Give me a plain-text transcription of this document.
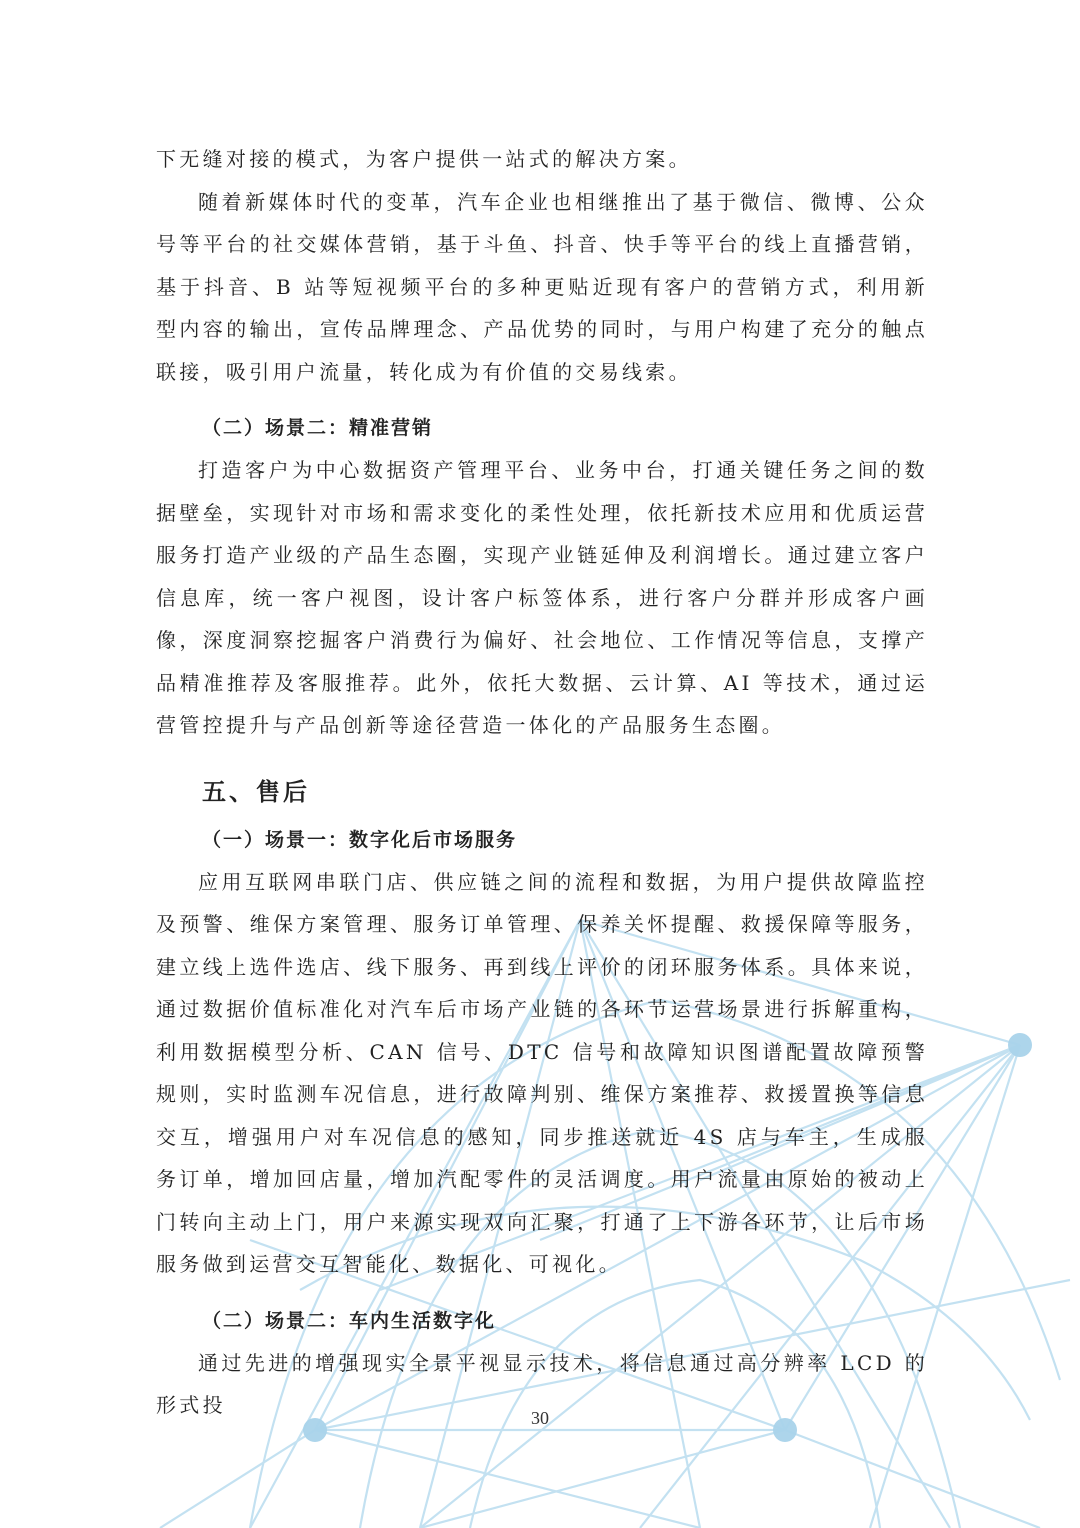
下无缝对接的模式，为客户提供一站式的解决方案。

随着新媒体时代的变革，汽车企业也相继推出了基于微信、微博、公众号等平台的社交媒体营销，基于斗鱼、抖音、快手等平台的线上直播营销，基于抖音、B 站等短视频平台的多种更贴近现有客户的营销方式，利用新型内容的输出，宣传品牌理念、产品优势的同时，与用户构建了充分的触点联接，吸引用户流量，转化成为有价值的交易线索。

（二）场景二：精准营销

打造客户为中心数据资产管理平台、业务中台，打通关键任务之间的数据壁垒，实现针对市场和需求变化的柔性处理，依托新技术应用和优质运营服务打造产业级的产品生态圈，实现产业链延伸及利润增长。通过建立客户信息库，统一客户视图，设计客户标签体系，进行客户分群并形成客户画像，深度洞察挖掘客户消费行为偏好、社会地位、工作情况等信息，支撑产品精准推荐及客服推荐。此外，依托大数据、云计算、AI 等技术，通过运营管控提升与产品创新等途径营造一体化的产品服务生态圈。

五、售后
（一）场景一：数字化后市场服务

应用互联网串联门店、供应链之间的流程和数据，为用户提供故障监控及预警、维保方案管理、服务订单管理、保养关怀提醒、救援保障等服务，建立线上选件选店、线下服务、再到线上评价的闭环服务体系。具体来说，通过数据价值标准化对汽车后市场产业链的各环节运营场景进行拆解重构，利用数据模型分析、CAN 信号、DTC 信号和故障知识图谱配置故障预警规则，实时监测车况信息，进行故障判别、维保方案推荐、救援置换等信息交互，增强用户对车况信息的感知，同步推送就近 4S 店与车主，生成服务订单，增加回店量，增加汽配零件的灵活调度。用户流量由原始的被动上门转向主动上门，用户来源实现双向汇聚，打通了上下游各环节，让后市场服务做到运营交互智能化、数据化、可视化。

（二）场景二：车内生活数字化

通过先进的增强现实全景平视显示技术，将信息通过高分辨率 LCD 的形式投

30
